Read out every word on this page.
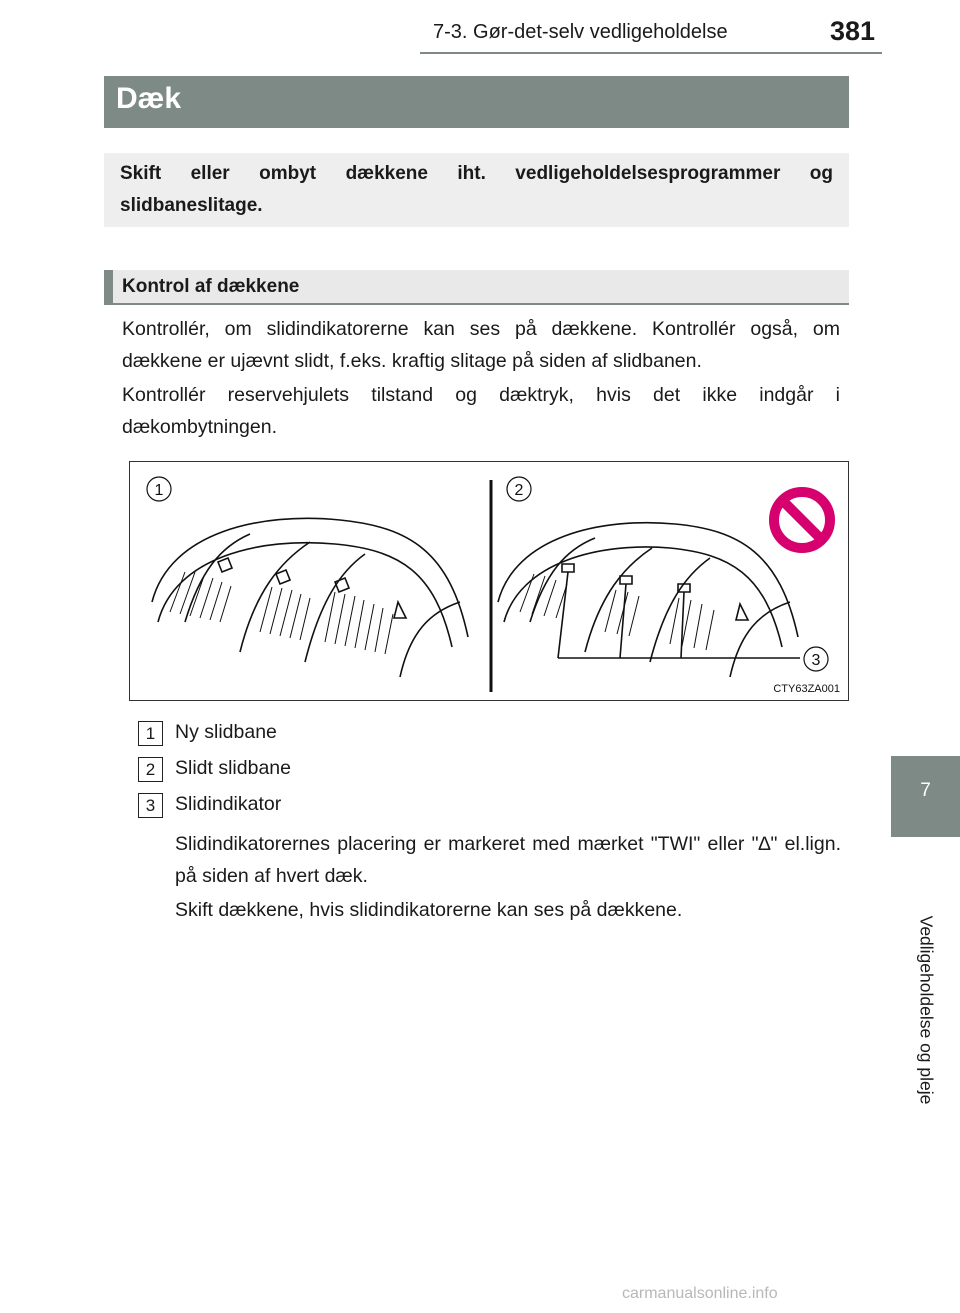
7-3. Gør-det-selv vedligeholdelse	381
Dæk

Skift eller ombyt dækkene iht. vedligeholdelsesprogrammer og slidbaneslitage.

Kontrol af dækkene

Kontrollér, om slidindikatorerne kan ses på dækkene. Kontrollér også, om dækkene er ujævnt slidt, f.eks. kraftig slitage på siden af slidbanen.

Kontrollér reservehjulets tilstand og dæktryk, hvis det ikke indgår i dækombytningen.

1	2
3
CTY63ZA001
1	Ny slidbane
2	Slidt slidbane
3	Slidindikator

Slidindikatorernes placering er markeret med mærket "TWI" eller "∆" el.lign. på siden af hvert dæk.

Skift dækkene, hvis slidindikatorerne kan ses på dækkene.

7
Vedligeholdelse og pleje
carmanualsonline.info
